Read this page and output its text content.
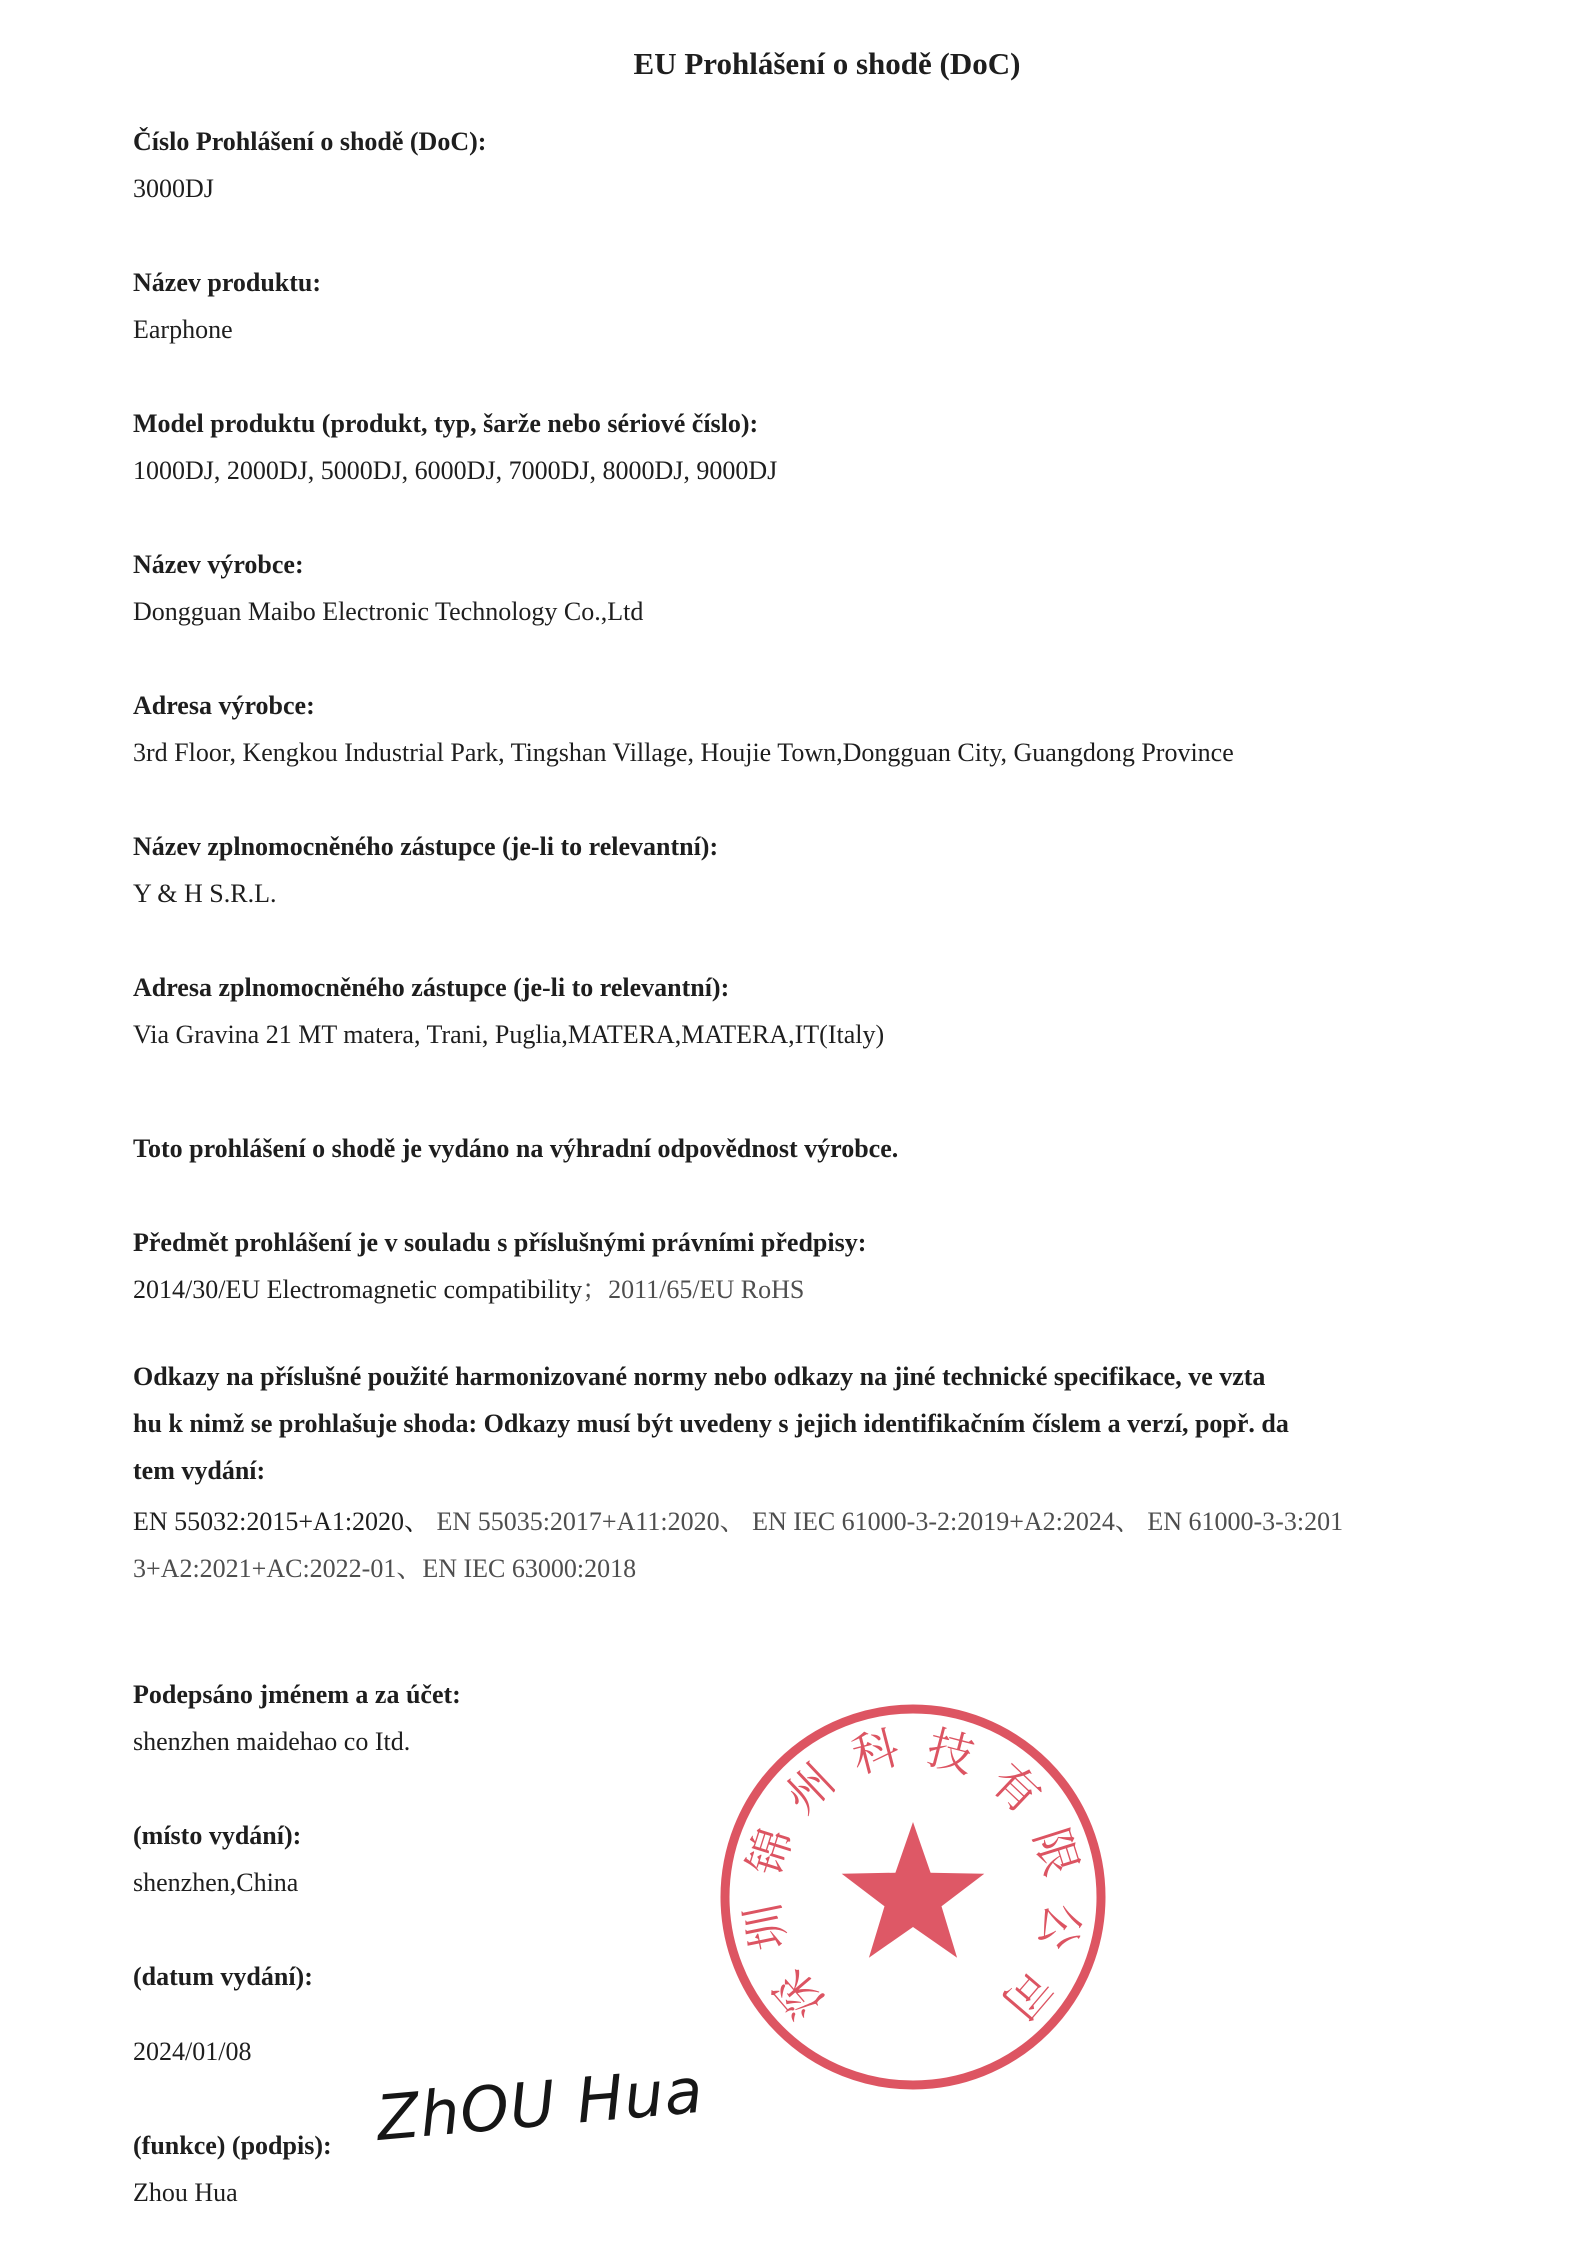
EU Prohlášení o shodě (DoC)
Číslo Prohlášení o shodě (DoC):
3000DJ
Název produktu:
Earphone
Model produktu (produkt, typ, šarže nebo sériové číslo):
1000DJ, 2000DJ, 5000DJ, 6000DJ, 7000DJ, 8000DJ, 9000DJ
Název výrobce:
Dongguan Maibo Electronic Technology Co.,Ltd
Adresa výrobce:
3rd Floor, Kengkou Industrial Park, Tingshan Village, Houjie Town,Dongguan City, Guangdong Province
Název zplnomocněného zástupce (je-li to relevantní):
Y & H S.R.L.
Adresa zplnomocněného zástupce (je-li to relevantní):
Via Gravina 21 MT matera, Trani, Puglia,MATERA,MATERA,IT(Italy)
Toto prohlášení o shodě je vydáno na výhradní odpovědnost výrobce.
Předmět prohlášení je v souladu s příslušnými právními předpisy:
2014/30/EU Electromagnetic compatibility；2011/65/EU RoHS
Odkazy na příslušné použité harmonizované normy nebo odkazy na jiné technické specifikace, ve vzta
hu k nimž se prohlašuje shoda: Odkazy musí být uvedeny s jejich identifikačním číslem a verzí, popř. da
tem vydání:
EN 55032:2015+A1:2020、 EN 55035:2017+A11:2020、 EN IEC 61000-3-2:2019+A2:2024、 EN 61000-3-3:201
3+A2:2021+AC:2022-01、EN IEC 63000:2018
Podepsáno jménem a za účet:
shenzhen maidehao co Itd.
(místo vydání):
shenzhen,China
(datum vydání):
2024/01/08
(funkce) (podpis):
Zhou Hua
深
圳
锦
州
科 技
有
限
公
司
ZhOU Hua
